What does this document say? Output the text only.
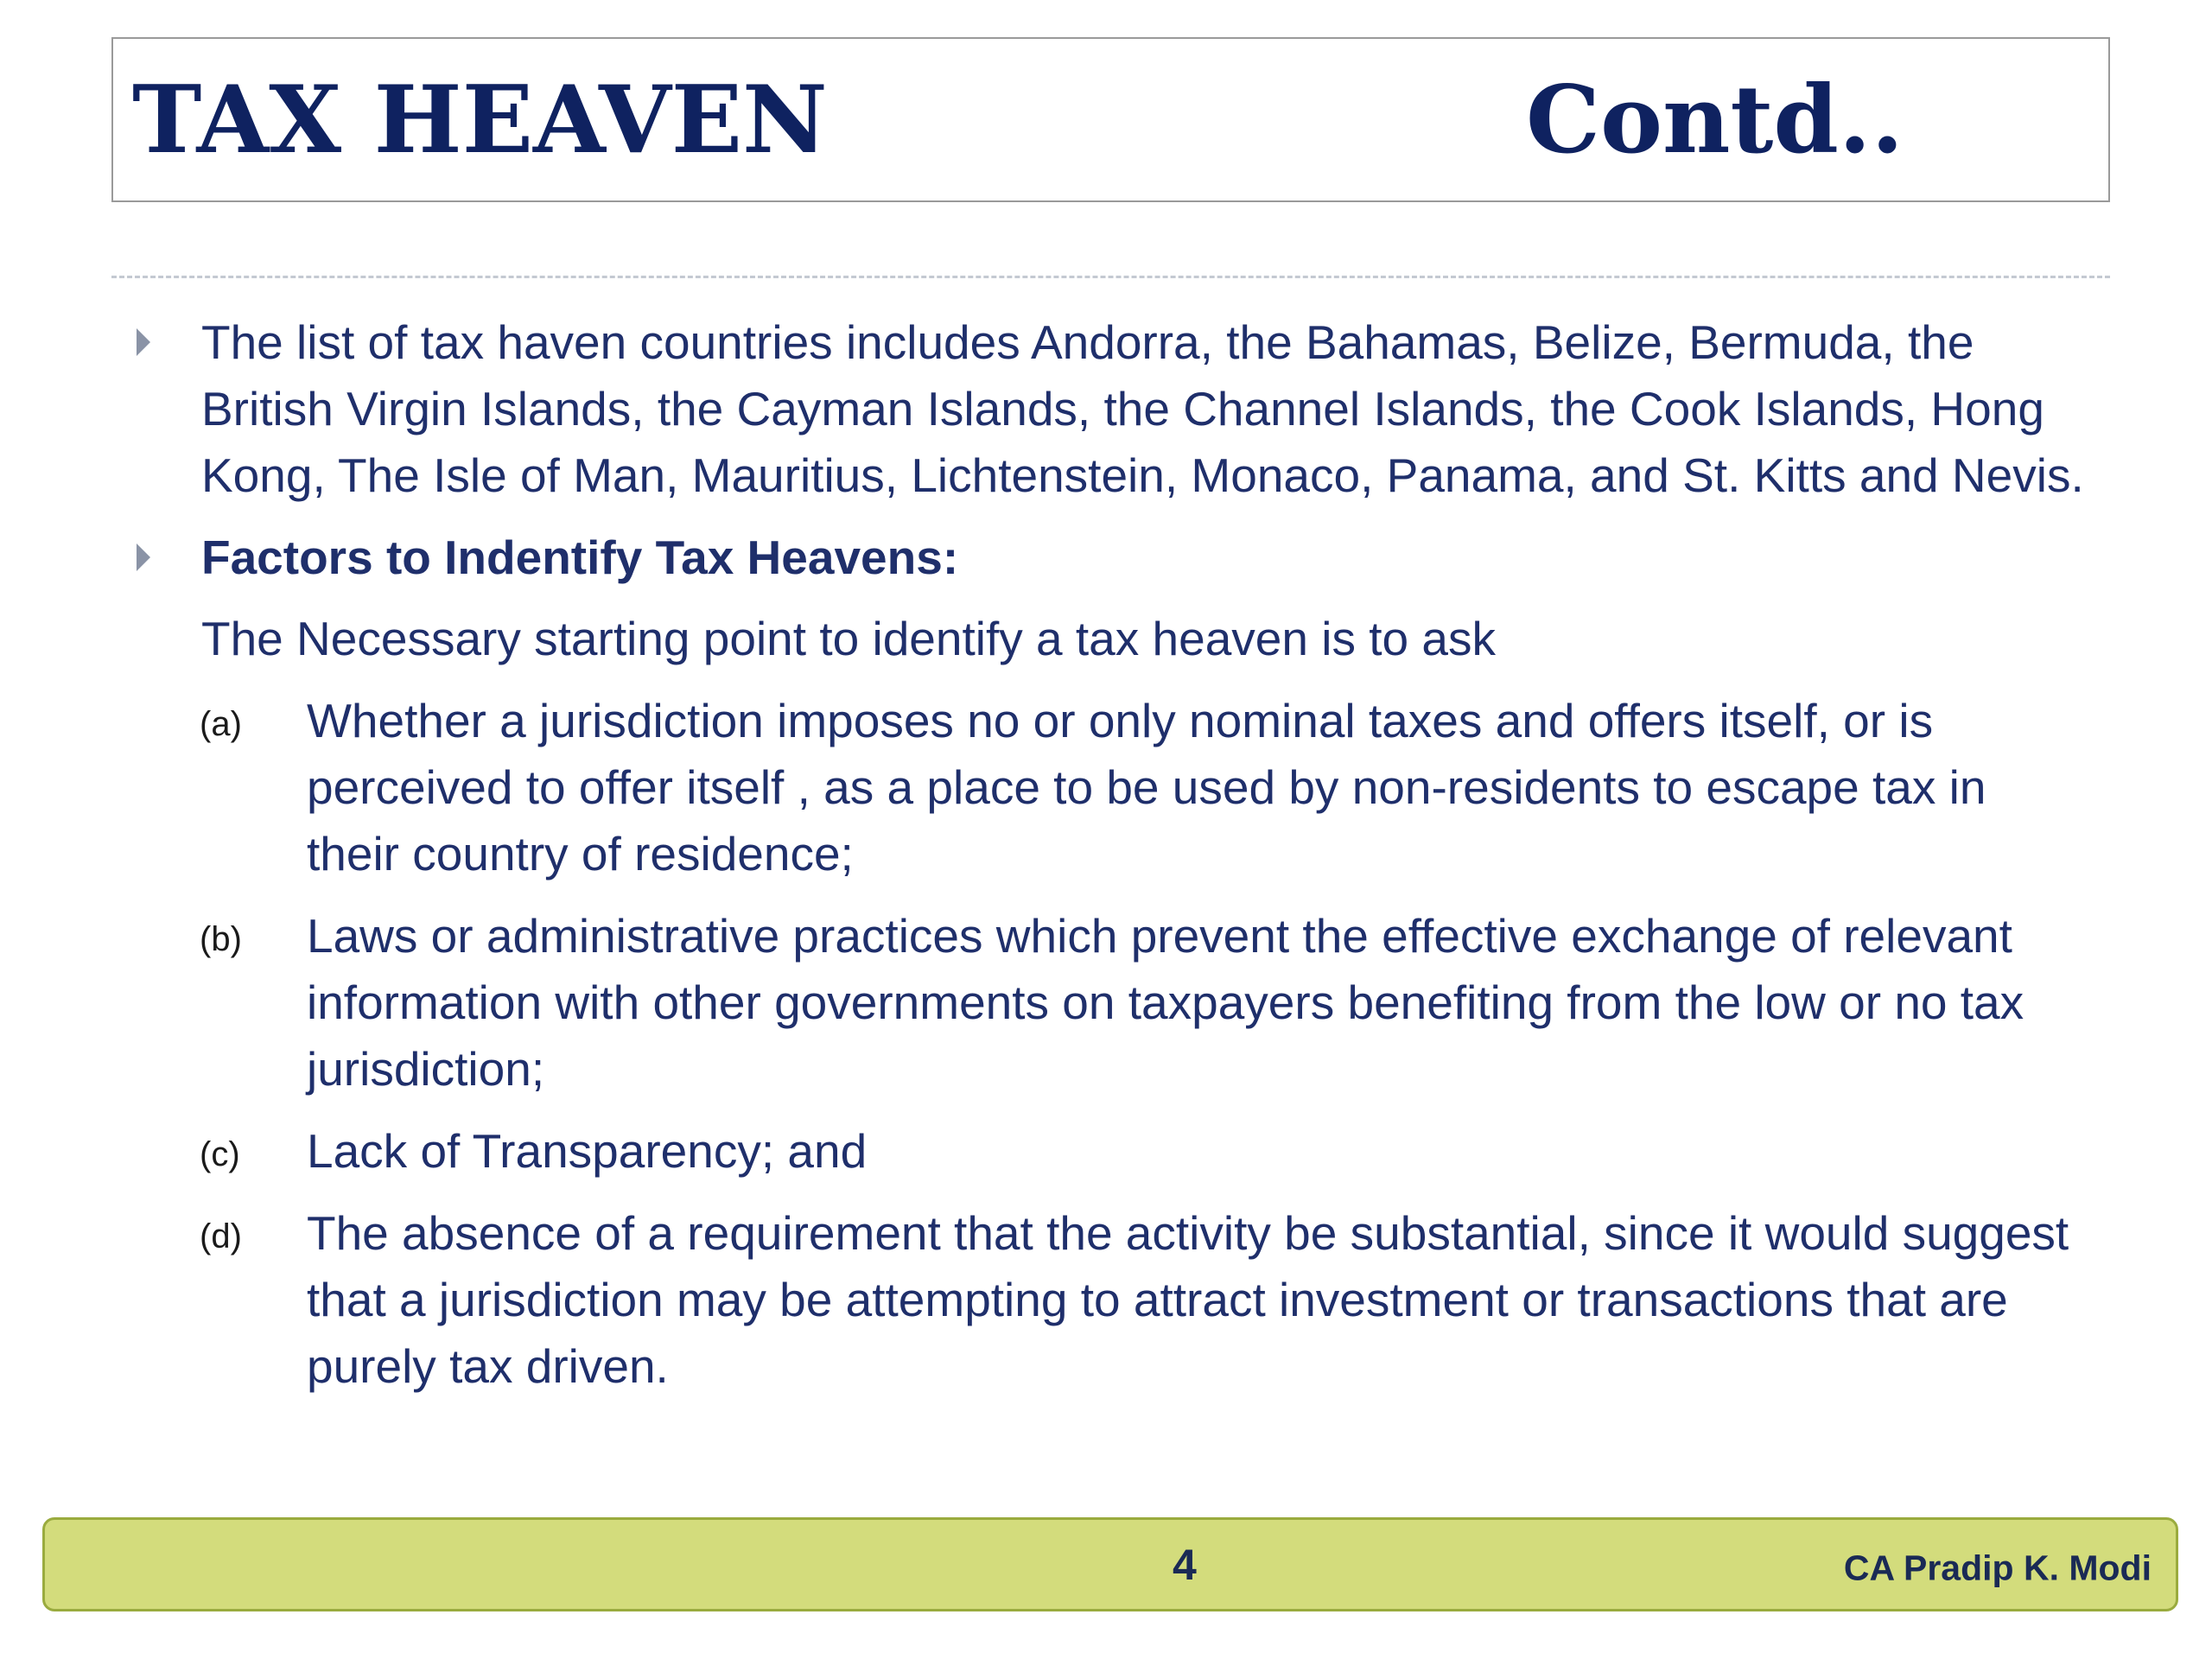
TAX HEAVEN	Contd..
The list of tax haven countries includes Andorra, the Bahamas, Belize, Bermuda, the British Virgin Islands, the Cayman Islands, the Channel Islands, the Cook Islands, Hong Kong, The Isle of Man, Mauritius, Lichtenstein, Monaco, Panama, and St. Kitts and Nevis.
Factors to Indentify Tax Heavens:
The Necessary starting point to identify a tax heaven is to ask
(a) Whether a jurisdiction imposes no or only nominal taxes and offers itself, or is perceived to offer itself , as a place to be used by non-residents to escape tax in their country of residence;
(b) Laws or administrative practices which prevent the effective exchange of relevant information with other governments on taxpayers benefiting from the low or no tax jurisdiction;
(c) Lack of Transparency; and
(d) The absence of a requirement that the activity be substantial, since it would suggest that a jurisdiction may be attempting to attract investment or transactions that are purely tax driven.
4	CA Pradip K. Modi
